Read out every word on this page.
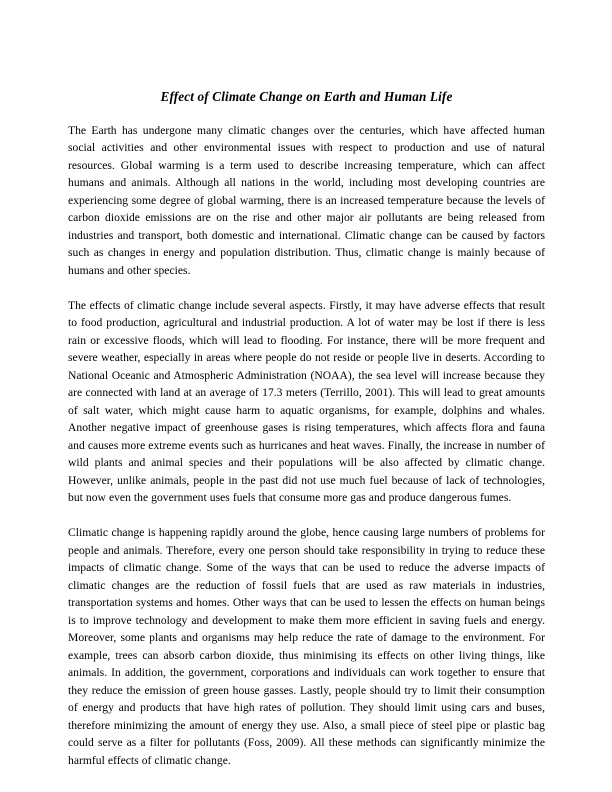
Effect of Climate Change on Earth and Human Life

The Earth has undergone many climatic changes over the centuries, which have affected human social activities and other environmental issues with respect to production and use of natural resources. Global warming is a term used to describe increasing temperature, which can affect humans and animals. Although all nations in the world, including most developing countries are experiencing some degree of global warming, there is an increased temperature because the levels of carbon dioxide emissions are on the rise and other major air pollutants are being released from industries and transport, both domestic and international. Climatic change can be caused by factors such as changes in energy and population distribution. Thus, climatic change is mainly because of humans and other species.

The effects of climatic change include several aspects. Firstly, it may have adverse effects that result to food production, agricultural and industrial production. A lot of water may be lost if there is less rain or excessive floods, which will lead to flooding. For instance, there will be more frequent and severe weather, especially in areas where people do not reside or people live in deserts. According to National Oceanic and Atmospheric Administration (NOAA), the sea level will increase because they are connected with land at an average of 17.3 meters (Terrillo, 2001). This will lead to great amounts of salt water, which might cause harm to aquatic organisms, for example, dolphins and whales. Another negative impact of greenhouse gases is rising temperatures, which affects flora and fauna and causes more extreme events such as hurricanes and heat waves. Finally, the increase in number of wild plants and animal species and their populations will be also affected by climatic change. However, unlike animals, people in the past did not use much fuel because of lack of technologies, but now even the government uses fuels that consume more gas and produce dangerous fumes.

Climatic change is happening rapidly around the globe, hence causing large numbers of problems for people and animals. Therefore, every one person should take responsibility in trying to reduce these impacts of climatic change. Some of the ways that can be used to reduce the adverse impacts of climatic changes are the reduction of fossil fuels that are used as raw materials in industries, transportation systems and homes. Other ways that can be used to lessen the effects on human beings is to improve technology and development to make them more efficient in saving fuels and energy. Moreover, some plants and organisms may help reduce the rate of damage to the environment. For example, trees can absorb carbon dioxide, thus minimising its effects on other living things, like animals. In addition, the government, corporations and individuals can work together to ensure that they reduce the emission of green house gasses. Lastly, people should try to limit their consumption of energy and products that have high rates of pollution. They should limit using cars and buses, therefore minimizing the amount of energy they use. Also, a small piece of steel pipe or plastic bag could serve as a filter for pollutants (Foss, 2009). All these methods can significantly minimize the harmful effects of climatic change.
